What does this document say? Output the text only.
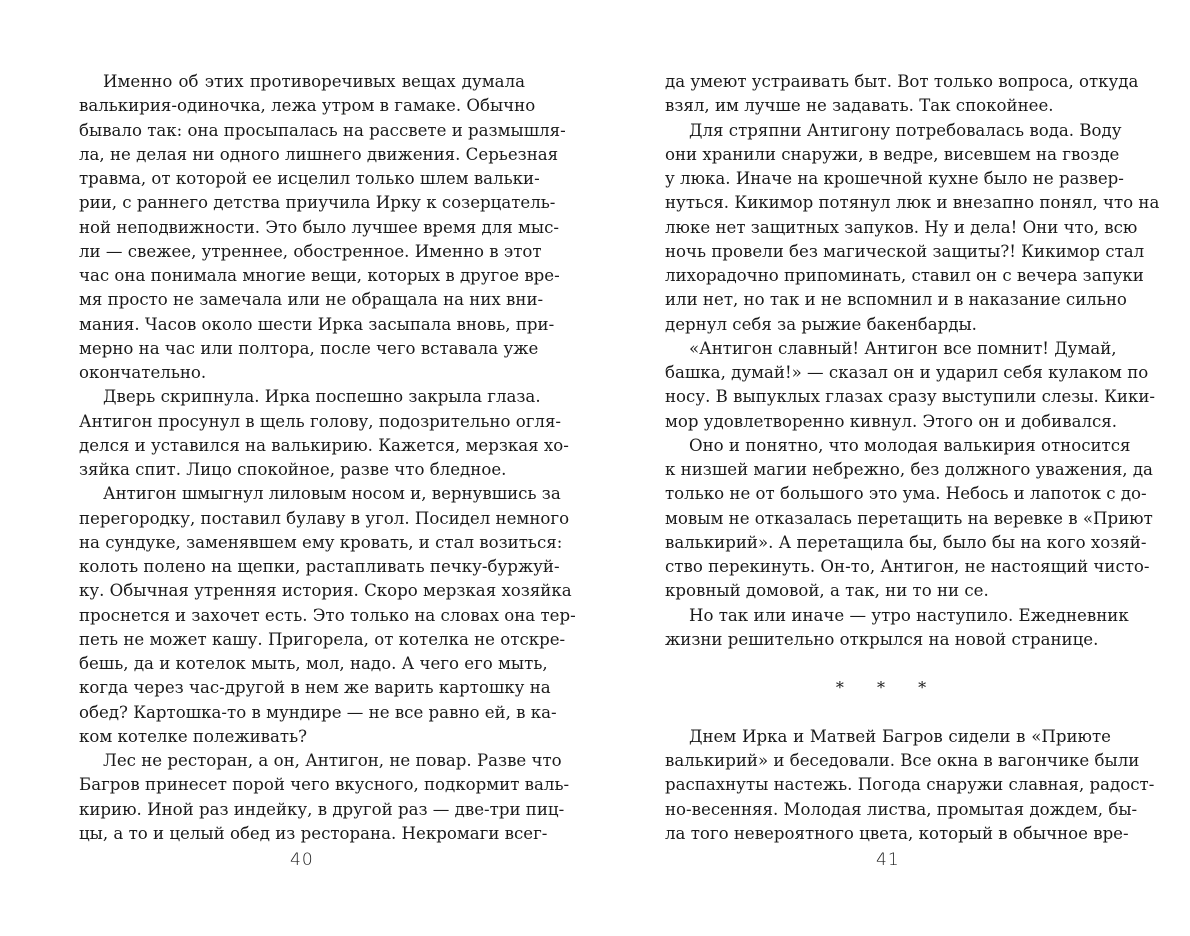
Именно об этих противоречивых вещах думала
валькирия-одиночка, лежа утром в гамаке. Обычно
бывало так: она просыпалась на рассвете и размышля-
ла, не делая ни одного лишнего движения. Серьезная
травма, от которой ее исцелил только шлем вальки-
рии, с раннего детства приучила Ирку к созерцатель-
ной неподвижности. Это было лучшее время для мыс-
ли — свежее, утреннее, обостренное. Именно в этот
час она понимала многие вещи, которых в другое вре-
мя просто не замечала или не обращала на них вни-
мания. Часов около шести Ирка засыпала вновь, при-
мерно на час или полтора, после чего вставала уже
окончательно.
Дверь скрипнула. Ирка поспешно закрыла глаза.
Антигон просунул в щель голову, подозрительно огля-
делся и уставился на валькирию. Кажется, мерзкая хо-
зяйка спит. Лицо спокойное, разве что бледное.
Антигон шмыгнул лиловым носом и, вернувшись за
перегородку, поставил булаву в угол. Посидел немного
на сундуке, заменявшем ему кровать, и стал возиться:
колоть полено на щепки, растапливать печку-буржуй-
ку. Обычная утренняя история. Скоро мерзкая хозяйка
проснется и захочет есть. Это только на словах она тер-
петь не может кашу. Пригорела, от котелка не отскре-
бешь, да и котелок мыть, мол, надо. А чего его мыть,
когда через час-другой в нем же варить картошку на
обед? Картошка-то в мундире — не все равно ей, в ка-
ком котелке полеживать?
Лес не ресторан, а он, Антигон, не повар. Разве что
Багров принесет порой чего вкусного, подкормит валь-
кирию. Иной раз индейку, в другой раз — две-три пиц-
цы, а то и целый обед из ресторана. Некромаги всег-
да умеют устраивать быт. Вот только вопроса, откуда
взял, им лучше не задавать. Так спокойнее.
Для стряпни Антигону потребовалась вода. Воду
они хранили снаружи, в ведре, висевшем на гвозде
у люка. Иначе на крошечной кухне было не развер-
нуться. Кикимор потянул люк и внезапно понял, что на
люке нет защитных запуков. Ну и дела! Они что, всю
ночь провели без магической защиты?! Кикимор стал
лихорадочно припоминать, ставил он с вечера запуки
или нет, но так и не вспомнил и в наказание сильно
дернул себя за рыжие бакенбарды.
«Антигон славный! Антигон все помнит! Думай,
башка, думай!» — сказал он и ударил себя кулаком по
носу. В выпуклых глазах сразу выступили слезы. Кики-
мор удовлетворенно кивнул. Этого он и добивался.
Оно и понятно, что молодая валькирия относится
к низшей магии небрежно, без должного уважения, да
только не от большого это ума. Небось и лапоток с до-
мовым не отказалась перетащить на веревке в «Приют
валькирий». А перетащила бы, было бы на кого хозяй-
ство перекинуть. Он-то, Антигон, не настоящий чисто-
кровный домовой, а так, ни то ни се.
Но так или иначе — утро наступило. Ежедневник
жизни решительно открылся на новой странице.
* * *
Днем Ирка и Матвей Багров сидели в «Приюте
валькирий» и беседовали. Все окна в вагончике были
распахнуты настежь. Погода снаружи славная, радост-
но-весенняя. Молодая листва, промытая дождем, бы-
ла того невероятного цвета, который в обычное вре-
40	41
